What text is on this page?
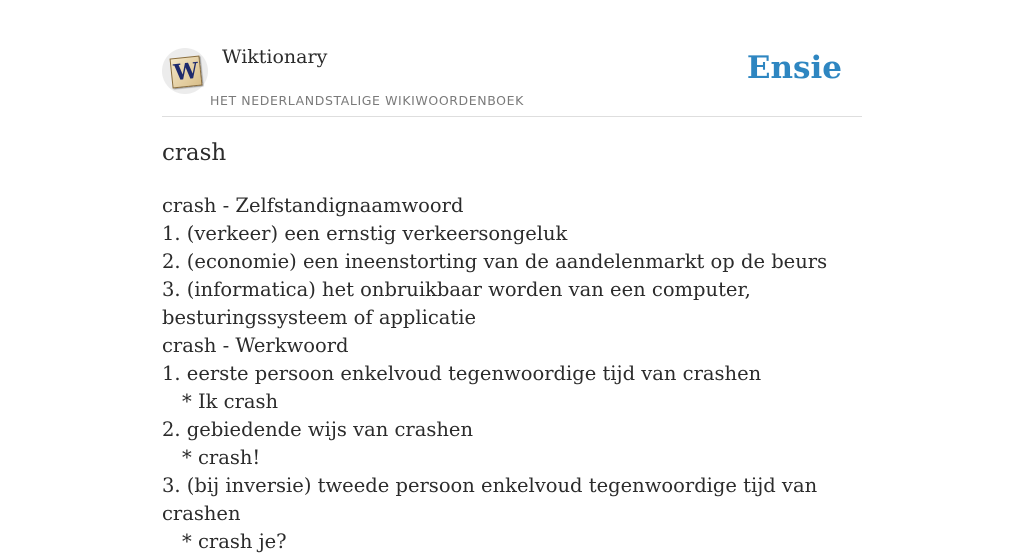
W
Wiktionary
HET NEDERLANDSTALIGE WIKIWOORDENBOEK
Ensie
crash
crash - Zelfstandignaamwoord
1. (verkeer) een ernstig verkeersongeluk
2. (economie) een ineenstorting van de aandelenmarkt op de beurs
3. (informatica) het onbruikbaar worden van een computer, besturingssysteem of applicatie
crash - Werkwoord
1. eerste persoon enkelvoud tegenwoordige tijd van crashen
* Ik crash
2. gebiedende wijs van crashen
* crash!
3. (bij inversie) tweede persoon enkelvoud tegenwoordige tijd van crashen
* crash je?
